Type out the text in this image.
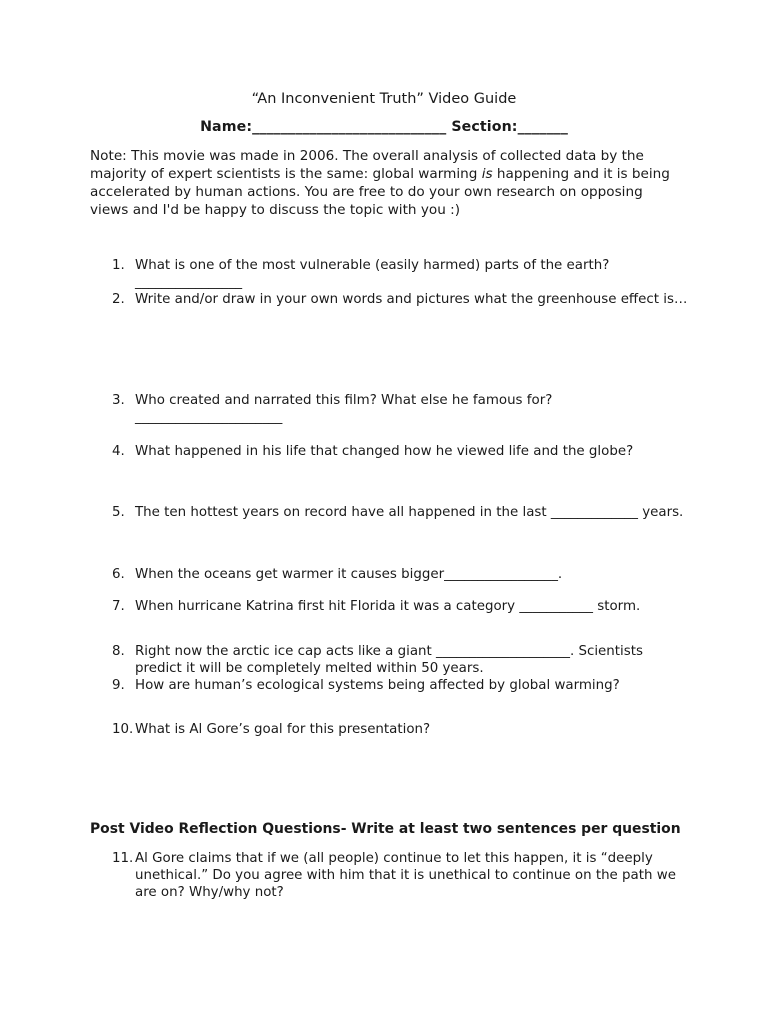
“An Inconvenient Truth” Video Guide
Name:___________________________ Section:_______
Note: This movie was made in 2006. The overall analysis of collected data by the majority of expert scientists is the same: global warming is happening and it is being accelerated by human actions. You are free to do your own research on opposing views and I'd be happy to discuss the topic with you :)
1. What is one of the most vulnerable (easily harmed) parts of the earth?
________________
2. Write and/or draw in your own words and pictures what the greenhouse effect is…
3. Who created and narrated this film? What else he famous for?
______________________
4. What happened in his life that changed how he viewed life and the globe?
5. The ten hottest years on record have all happened in the last _____________ years.
6. When the oceans get warmer it causes bigger_________________.
7. When hurricane Katrina first hit Florida it was a category ___________ storm.
8. Right now the arctic ice cap acts like a giant ____________________. Scientists predict it will be completely melted within 50 years.
9. How are human’s ecological systems being affected by global warming?
10. What is Al Gore’s goal for this presentation?
Post Video Reflection Questions- Write at least two sentences per question
11. Al Gore claims that if we (all people) continue to let this happen, it is “deeply unethical.” Do you agree with him that it is unethical to continue on the path we are on? Why/why not?
